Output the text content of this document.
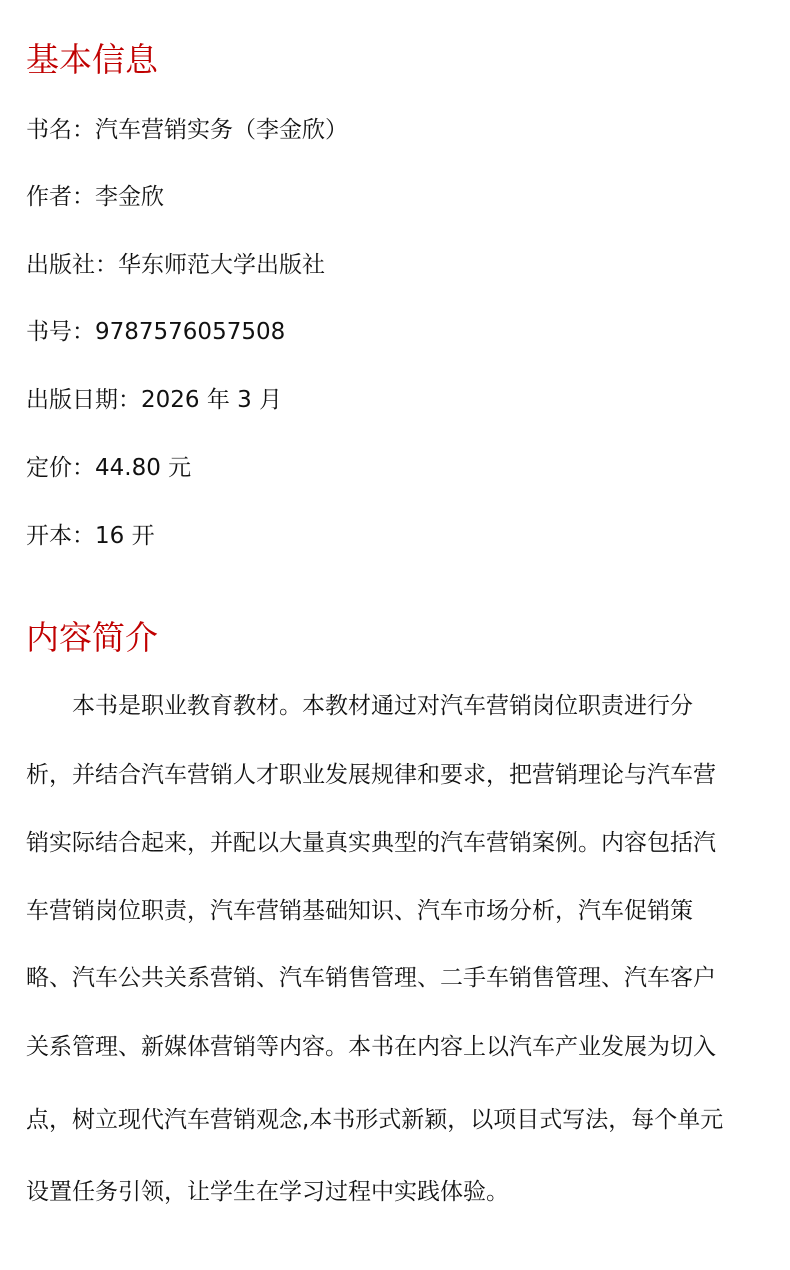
基本信息
书名：汽车营销实务（李金欣）
作者：李金欣
出版社：华东师范大学出版社
书号：9787576057508
出版日期：2026 年 3 月
定价：44.80 元
开本：16 开
内容简介
本书是职业教育教材。本教材通过对汽车营销岗位职责进行分
析，并结合汽车营销人才职业发展规律和要求，把营销理论与汽车营
销实际结合起来，并配以大量真实典型的汽车营销案例。内容包括汽
车营销岗位职责，汽车营销基础知识、汽车市场分析，汽车促销策
略、汽车公共关系营销、汽车销售管理、二手车销售管理、汽车客户
关系管理、新媒体营销等内容。本书在内容上以汽车产业发展为切入
点，树立现代汽车营销观念,本书形式新颖，以项目式写法，每个单元
设置任务引领，让学生在学习过程中实践体验。
